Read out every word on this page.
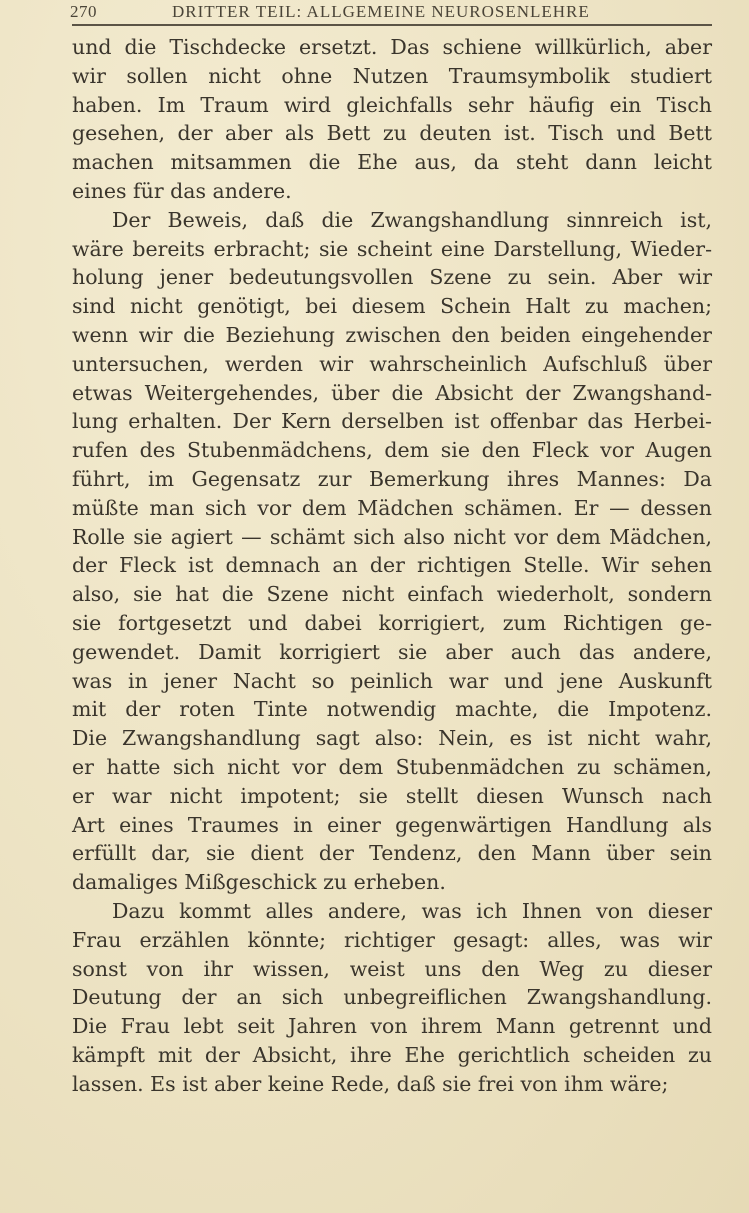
270	DRITTER TEIL: ALLGEMEINE NEUROSENLEHRE
und die Tischdecke ersetzt. Das schiene willkürlich, aber
wir sollen nicht ohne Nutzen Traumsymbolik studiert
haben. Im Traum wird gleichfalls sehr häufig ein Tisch
gesehen, der aber als Bett zu deuten ist. Tisch und Bett
machen mitsammen die Ehe aus, da steht dann leicht
eines für das andere.
Der Beweis, daß die Zwangshandlung sinnreich ist,
wäre bereits erbracht; sie scheint eine Darstellung, Wieder-
holung jener bedeutungsvollen Szene zu sein. Aber wir
sind nicht genötigt, bei diesem Schein Halt zu machen;
wenn wir die Beziehung zwischen den beiden eingehender
untersuchen, werden wir wahrscheinlich Aufschluß über
etwas Weitergehendes, über die Absicht der Zwangshand-
lung erhalten. Der Kern derselben ist offenbar das Herbei-
rufen des Stubenmädchens, dem sie den Fleck vor Augen
führt, im Gegensatz zur Bemerkung ihres Mannes: Da
müßte man sich vor dem Mädchen schämen. Er — dessen
Rolle sie agiert — schämt sich also nicht vor dem Mädchen,
der Fleck ist demnach an der richtigen Stelle. Wir sehen
also, sie hat die Szene nicht einfach wiederholt, sondern
sie fortgesetzt und dabei korrigiert, zum Richtigen ge-
gewendet. Damit korrigiert sie aber auch das andere,
was in jener Nacht so peinlich war und jene Auskunft
mit der roten Tinte notwendig machte, die Impotenz.
Die Zwangshandlung sagt also: Nein, es ist nicht wahr,
er hatte sich nicht vor dem Stubenmädchen zu schämen,
er war nicht impotent; sie stellt diesen Wunsch nach
Art eines Traumes in einer gegenwärtigen Handlung als
erfüllt dar, sie dient der Tendenz, den Mann über sein
damaliges Mißgeschick zu erheben.
Dazu kommt alles andere, was ich Ihnen von dieser
Frau erzählen könnte; richtiger gesagt: alles, was wir
sonst von ihr wissen, weist uns den Weg zu dieser
Deutung der an sich unbegreiflichen Zwangshandlung.
Die Frau lebt seit Jahren von ihrem Mann getrennt und
kämpft mit der Absicht, ihre Ehe gerichtlich scheiden zu
lassen. Es ist aber keine Rede, daß sie frei von ihm wäre;
